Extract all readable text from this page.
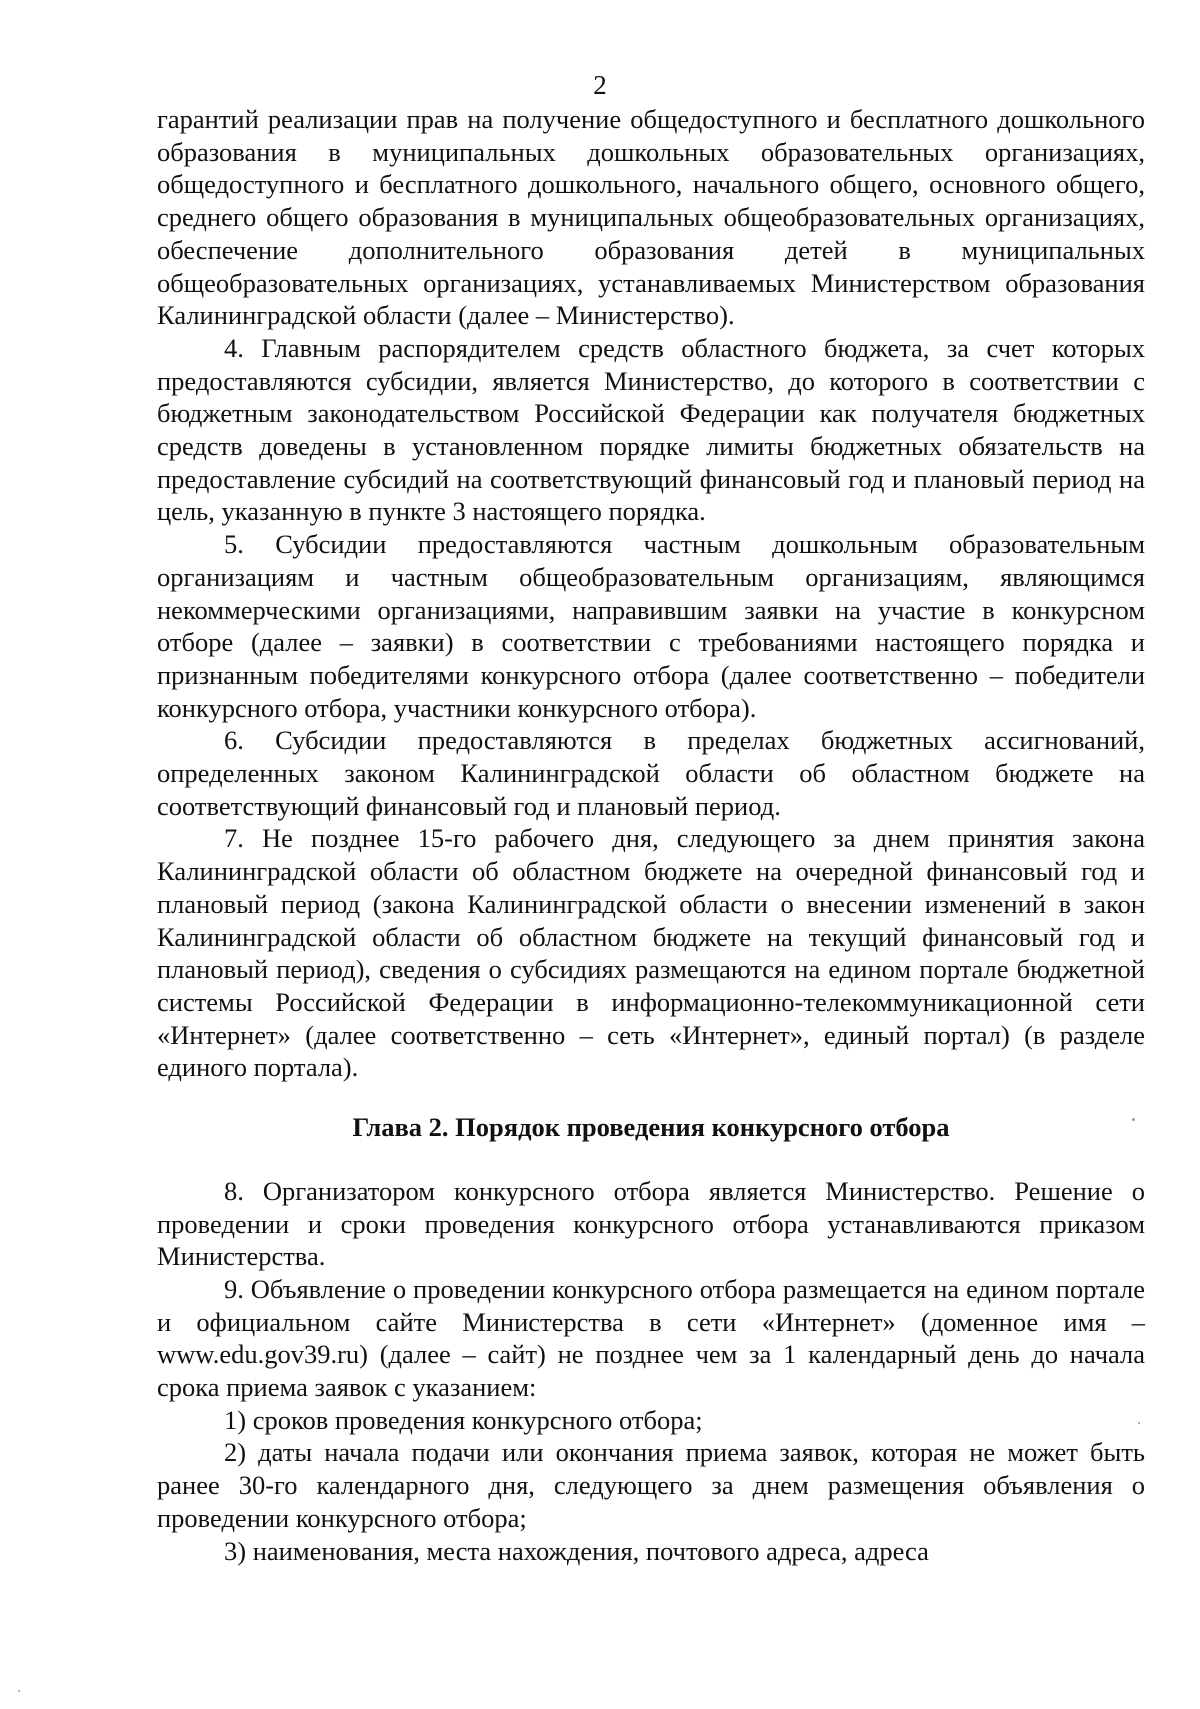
2

гарантий реализации прав на получение общедоступного и бесплатного дошкольного образования в муниципальных дошкольных образовательных организациях, общедоступного и бесплатного дошкольного, начального общего, основного общего, среднего общего образования в муниципальных общеобразовательных организациях, обеспечение дополнительного образования детей в муниципальных общеобразовательных организациях, устанавливаемых Министерством образования Калининградской области (далее – Министерство).

4. Главным распорядителем средств областного бюджета, за счет которых предоставляются субсидии, является Министерство, до которого в соответствии с бюджетным законодательством Российской Федерации как получателя бюджетных средств доведены в установленном порядке лимиты бюджетных обязательств на предоставление субсидий на соответствующий финансовый год и плановый период на цель, указанную в пункте 3 настоящего порядка.

5. Субсидии предоставляются частным дошкольным образовательным организациям и частным общеобразовательным организациям, являющимся некоммерческими организациями, направившим заявки на участие в конкурсном отборе (далее – заявки) в соответствии с требованиями настоящего порядка и признанным победителями конкурсного отбора (далее соответственно – победители конкурсного отбора, участники конкурсного отбора).

6. Субсидии предоставляются в пределах бюджетных ассигнований, определенных законом Калининградской области об областном бюджете на соответствующий финансовый год и плановый период.

7. Не позднее 15-го рабочего дня, следующего за днем принятия закона Калининградской области об областном бюджете на очередной финансовый год и плановый период (закона Калининградской области о внесении изменений в закон Калининградской области об областном бюджете на текущий финансовый год и плановый период), сведения о субсидиях размещаются на едином портале бюджетной системы Российской Федерации в информационно-телекоммуникационной сети «Интернет» (далее соответственно – сеть «Интернет», единый портал) (в разделе единого портала).

Глава 2. Порядок проведения конкурсного отбора

8. Организатором конкурсного отбора является Министерство. Решение о проведении и сроки проведения конкурсного отбора устанавливаются приказом Министерства.

9. Объявление о проведении конкурсного отбора размещается на едином портале и официальном сайте Министерства в сети «Интернет» (доменное имя – www.edu.gov39.ru) (далее – сайт) не позднее чем за 1 календарный день до начала срока приема заявок с указанием:

1) сроков проведения конкурсного отбора;

2) даты начала подачи или окончания приема заявок, которая не может быть ранее 30-го календарного дня, следующего за днем размещения объявления о проведении конкурсного отбора;

3) наименования, места нахождения, почтового адреса, адреса
